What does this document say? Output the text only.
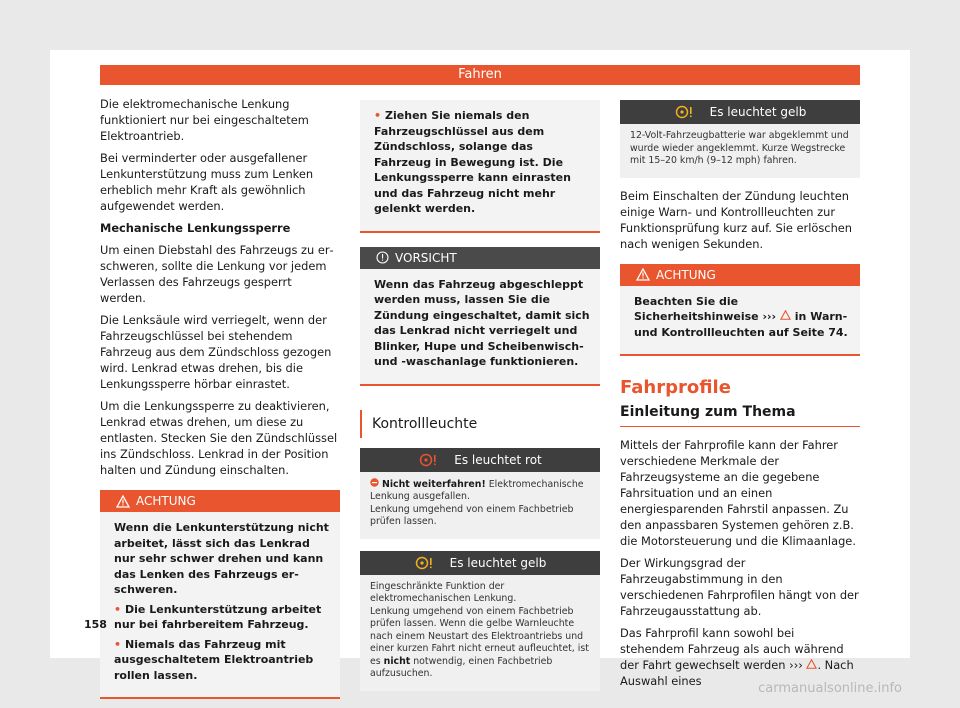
Fahren

Die elektromechanische Lenkung funktioniert nur bei eingeschaltetem Elektroantrieb.

Bei verminderter oder ausgefallener Lenkunterstützung muss zum Lenken erheblich mehr Kraft als gewöhnlich aufgewendet werden.

Mechanische Lenkungssperre

Um einen Diebstahl des Fahrzeugs zu erschweren, sollte die Lenkung vor jedem Verlassen des Fahrzeugs gesperrt werden.

Die Lenksäule wird verriegelt, wenn der Fahrzeugschlüssel bei stehendem Fahrzeug aus dem Zündschloss gezogen wird. Lenkrad etwas drehen, bis die Lenkungssperre hörbar einrastet.

Um die Lenkungssperre zu deaktivieren, Lenkrad etwas drehen, um diese zu entlasten. Stecken Sie den Zündschlüssel ins Zündschloss. Lenkrad in der Position halten und Zündung einschalten.

ACHTUNG

Wenn die Lenkunterstützung nicht arbeitet, lässt sich das Lenkrad nur sehr schwer drehen und kann das Lenken des Fahrzeugs erschweren.

• Die Lenkunterstützung arbeitet nur bei fahrbereitem Fahrzeug.

• Niemals das Fahrzeug mit ausgeschaltetem Elektroantrieb rollen lassen.

• Ziehen Sie niemals den Fahrzeugschlüssel aus dem Zündschloss, solange das Fahrzeug in Bewegung ist. Die Lenkungssperre kann einrasten und das Fahrzeug nicht mehr gelenkt werden.

VORSICHT

Wenn das Fahrzeug abgeschleppt werden muss, lassen Sie die Zündung eingeschaltet, damit sich das Lenkrad nicht verriegelt und Blinker, Hupe und Scheibenwisch- und -waschanlage funktionieren.

Kontrollleuchte
Es leuchtet rot

Nicht weiterfahren! Elektromechanische Lenkung ausgefallen.

Lenkung umgehend von einem Fachbetrieb prüfen lassen.

Es leuchtet gelb

Eingeschränkte Funktion der elektromechanischen Lenkung.

Lenkung umgehend von einem Fachbetrieb prüfen lassen. Wenn die gelbe Warnleuchte nach einem Neustart des Elektroantriebs und einer kurzen Fahrt nicht erneut aufleuchtet, ist es nicht notwendig, einen Fachbetrieb aufzusuchen.

Es leuchtet gelb

12-Volt-Fahrzeugbatterie war abgeklemmt und wurde wieder angeklemmt. Kurze Wegstrecke mit 15–20 km/h (9–12 mph) fahren.

Beim Einschalten der Zündung leuchten einige Warn- und Kontrollleuchten zur Funktionsprüfung kurz auf. Sie erlöschen nach wenigen Sekunden.

ACHTUNG

Beachten Sie die Sicherheitshinweise ››› in Warn- und Kontrollleuchten auf Seite 74.

Fahrprofile
Einleitung zum Thema

Mittels der Fahrprofile kann der Fahrer verschiedene Merkmale der Fahrzeugsysteme an die gegebene Fahrsituation und an einen energiesparenden Fahrstil anpassen. Zu den anpassbaren Systemen gehören z.B. die Motorsteuerung und die Klimaanlage.

Der Wirkungsgrad der Fahrzeugabstimmung in den verschiedenen Fahrprofilen hängt von der Fahrzeugausstattung ab.

Das Fahrprofil kann sowohl bei stehendem Fahrzeug als auch während der Fahrt gewechselt werden ››› . Nach Auswahl eines

158
carmanualsonline.info
